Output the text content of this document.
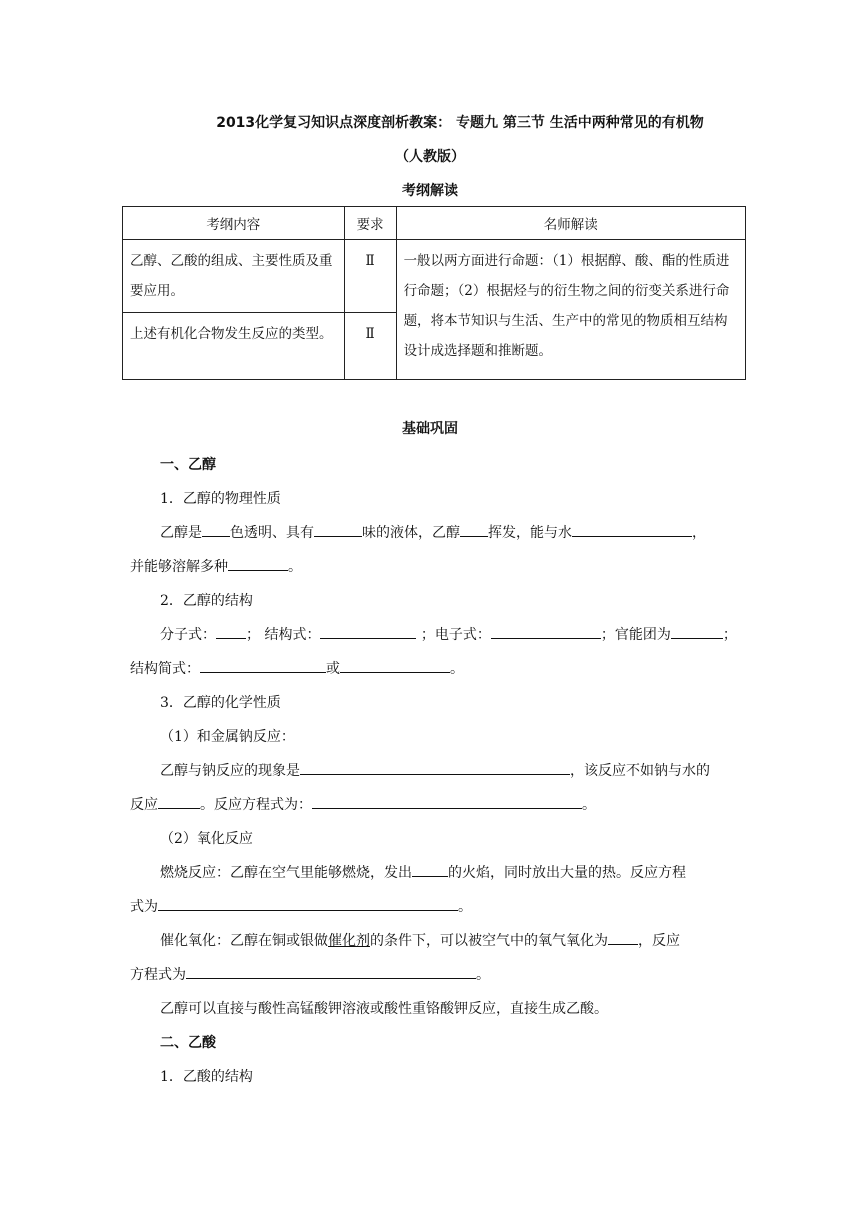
2013化学复习知识点深度剖析教案： 专题九 第三节 生活中两种常见的有机物
（人教版）
考纲解读
考纲内容	要求	名师解读

乙醇、乙酸的组成、主要性质及重要应用。	Ⅱ	一般以两方面进行命题：（1）根据醇、酸、酯的性质进行命题；（2）根据烃与的衍生物之间的衍变关系进行命题，将本节知识与生活、生产中的常见的物质相互结构设计成选择题和推断题。

上述有机化合物发生反应的类型。	Ⅱ	
基础巩固
一、乙醇
1．乙醇的物理性质
乙醇是 色透明、具有	味的液体，乙醇 挥发，能与水	，
并能够溶解多种	。
2．乙醇的结构
分子式： ； 结构式：	；电子式：	；官能团为	；
结构简式：	或	。
3．乙醇的化学性质
（1）和金属钠反应：
乙醇与钠反应的现象是	，该反应不如钠与水的
反应	。反应方程式为：	。
（2）氧化反应
燃烧反应：乙醇在空气里能够燃烧，发出	的火焰，同时放出大量的热。反应方程
式为	。
催化氧化：乙醇在铜或银做催化剂的条件下，可以被空气中的氧气氧化为 ，反应
方程式为	。
乙醇可以直接与酸性高锰酸钾溶液或酸性重铬酸钾反应，直接生成乙酸。
二、乙酸
1．乙酸的结构
